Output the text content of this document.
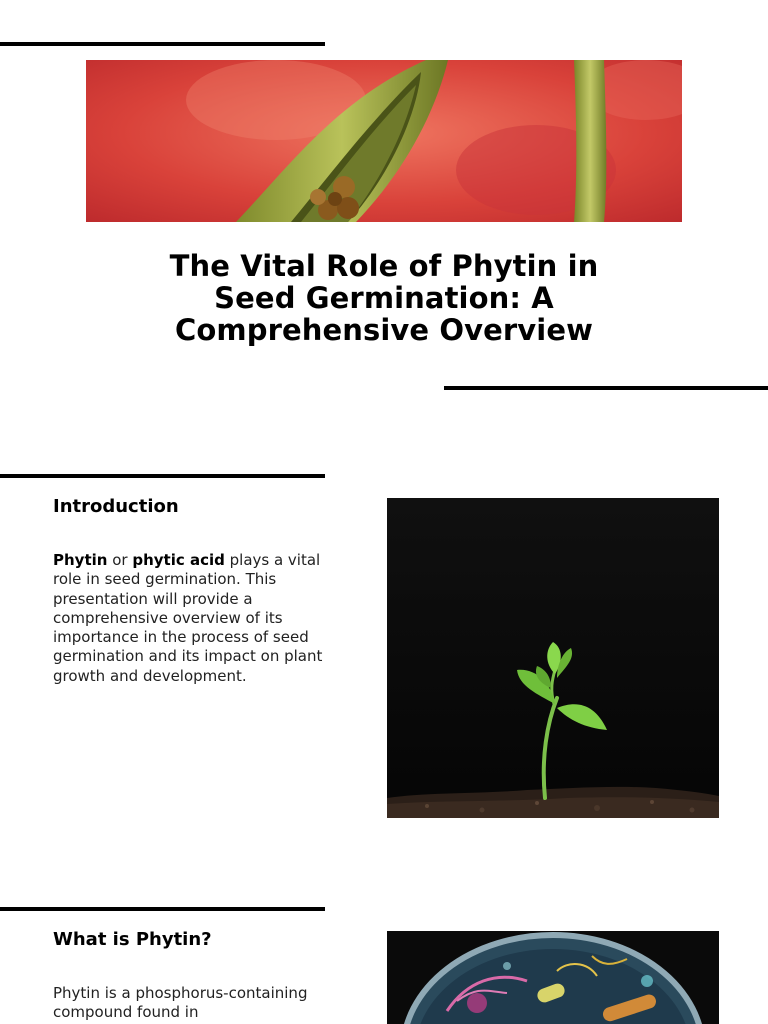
The Vital Role of Phytin in Seed Germination: A Comprehensive Overview
Introduction

Phytin or phytic acid plays a vital role in seed germination. This presentation will provide a comprehensive overview of its importance in the process of seed germination and its impact on plant growth and development.

What is Phytin?

Phytin is a phosphorus-containing compound found in
